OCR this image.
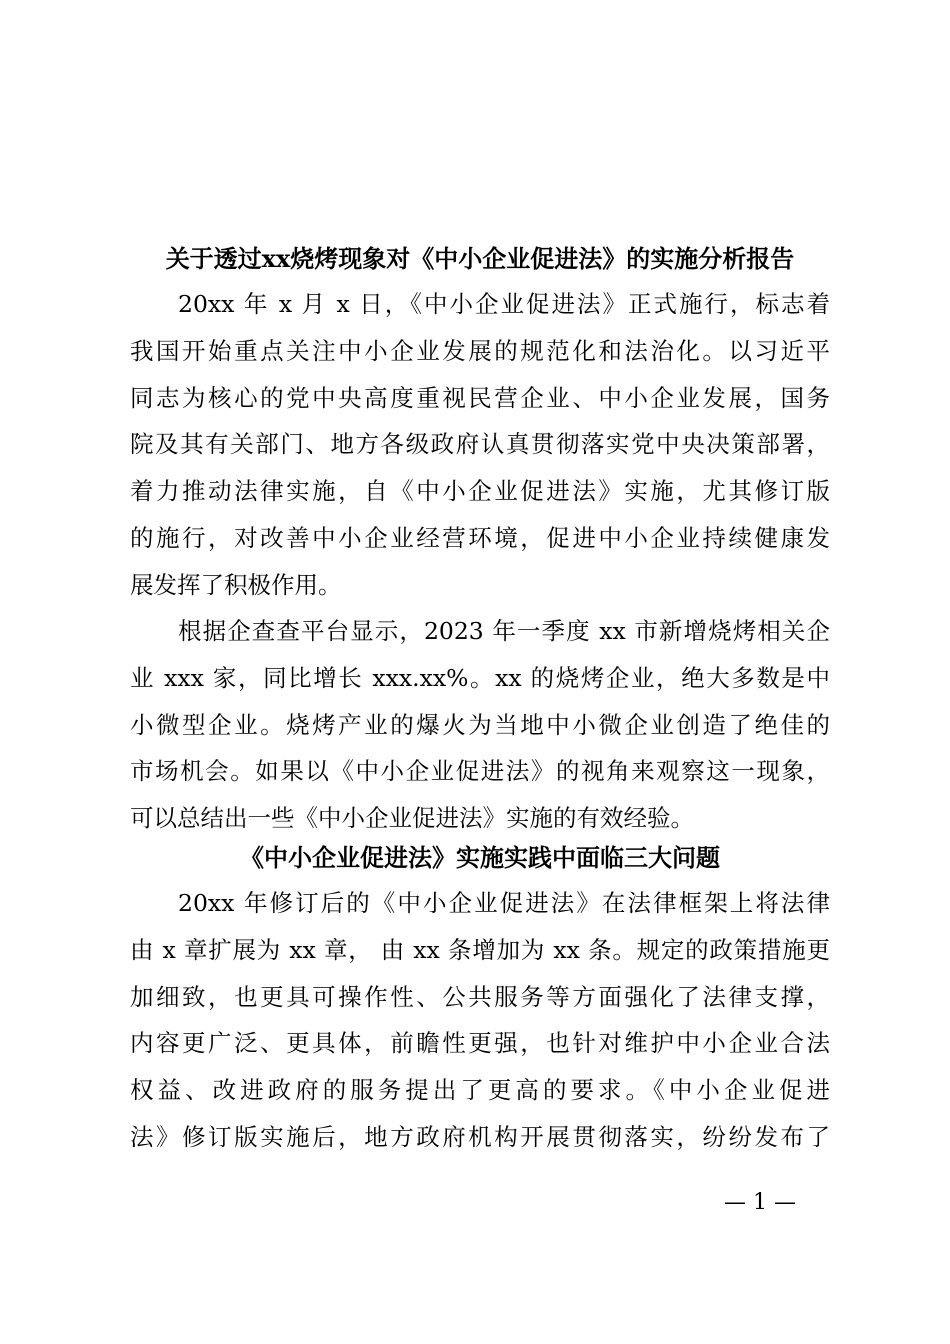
关于透过xx烧烤现象对《中小企业促进法》的实施分析报告
20xx 年 x 月 x 日，《中小企业促进法》正式施行，标志着
我国开始重点关注中小企业发展的规范化和法治化。以习近平
同志为核心的党中央高度重视民营企业、中小企业发展，国务
院及其有关部门、地方各级政府认真贯彻落实党中央决策部署，
着力推动法律实施，自《中小企业促进法》实施，尤其修订版
的施行，对改善中小企业经营环境，促进中小企业持续健康发
展发挥了积极作用。
根据企查查平台显示，2023 年一季度 xx 市新增烧烤相关企
业 xxx 家，同比增长 xxx.xx%。xx 的烧烤企业，绝大多数是中
小微型企业。烧烤产业的爆火为当地中小微企业创造了绝佳的
市场机会。如果以《中小企业促进法》的视角来观察这一现象，
可以总结出一些《中小企业促进法》实施的有效经验。
《中小企业促进法》实施实践中面临三大问题
20xx 年修订后的《中小企业促进法》在法律框架上将法律
由 x 章扩展为 xx 章， 由 xx 条增加为 xx 条。规定的政策措施更
加细致，也更具可操作性、公共服务等方面强化了法律支撑，
内容更广泛、更具体，前瞻性更强，也针对维护中小企业合法
权益、改进政府的服务提出了更高的要求。《中小企业促进
法》修订版实施后，地方政府机构开展贯彻落实，纷纷发布了
— 1 —
